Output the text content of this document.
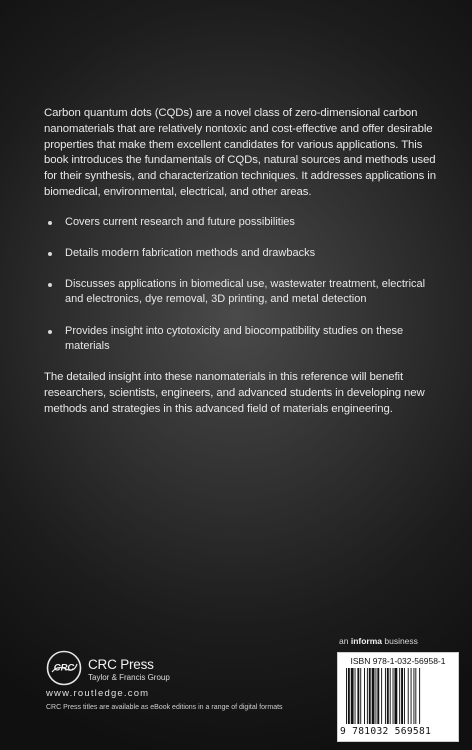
Carbon quantum dots (CQDs) are a novel class of zero-dimensional carbon nanomaterials that are relatively nontoxic and cost-effective and offer desirable properties that make them excellent candidates for various applications. This book introduces the fundamentals of CQDs, natural sources and methods used for their synthesis, and characterization techniques. It addresses applications in biomedical, environmental, electrical, and other areas.

Covers current research and future possibilities
Details modern fabrication methods and drawbacks
Discusses applications in biomedical use, wastewater treatment, electrical and electronics, dye removal, 3D printing, and metal detection
Provides insight into cytotoxicity and biocompatibility studies on these materials

The detailed insight into these nanomaterials in this reference will benefit researchers, scientists, engineers, and advanced students in developing new methods and strategies in this advanced field of materials engineering.

CRC CRC Press
Taylor & Francis Group
www.routledge.com
CRC Press titles are available as eBook editions in a range of digital formats
an informa business
ISBN 978-1-032-56958-1
9 781032 569581
